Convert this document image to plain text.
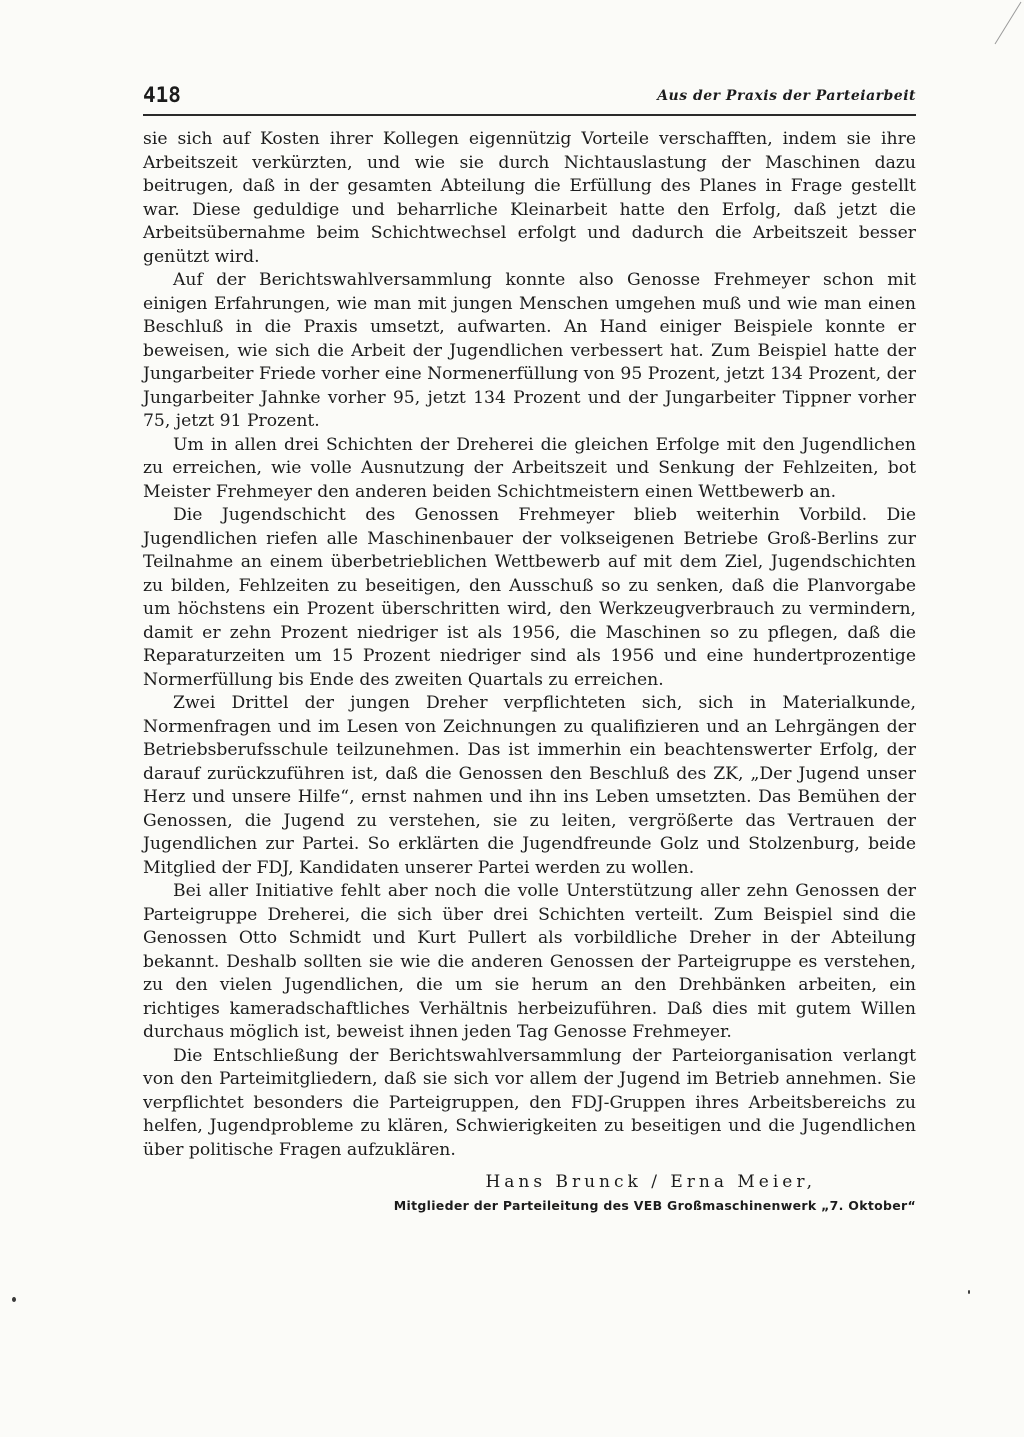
418	Aus der Praxis der Parteiarbeit

sie sich auf Kosten ihrer Kollegen eigennützig Vorteile verschafften, indem sie ihre Arbeitszeit verkürzten, und wie sie durch Nichtauslastung der Maschinen dazu beitrugen, daß in der gesamten Abteilung die Erfüllung des Planes in Frage gestellt war. Diese geduldige und beharrliche Kleinarbeit hatte den Erfolg, daß jetzt die Arbeitsübernahme beim Schichtwechsel erfolgt und dadurch die Arbeitszeit besser genützt wird.

Auf der Berichtswahlversammlung konnte also Genosse Frehmeyer schon mit einigen Erfahrungen, wie man mit jungen Menschen umgehen muß und wie man einen Beschluß in die Praxis umsetzt, aufwarten. An Hand einiger Beispiele konnte er beweisen, wie sich die Arbeit der Jugendlichen verbessert hat. Zum Beispiel hatte der Jungarbeiter Friede vorher eine Normenerfüllung von 95 Prozent, jetzt 134 Prozent, der Jungarbeiter Jahnke vorher 95, jetzt 134 Prozent und der Jungarbeiter Tippner vorher 75, jetzt 91 Prozent.

Um in allen drei Schichten der Dreherei die gleichen Erfolge mit den Jugendlichen zu erreichen, wie volle Ausnutzung der Arbeitszeit und Senkung der Fehlzeiten, bot Meister Frehmeyer den anderen beiden Schichtmeistern einen Wettbewerb an.

Die Jugendschicht des Genossen Frehmeyer blieb weiterhin Vorbild. Die Jugendlichen riefen alle Maschinenbauer der volkseigenen Betriebe Groß-Berlins zur Teilnahme an einem überbetrieblichen Wettbewerb auf mit dem Ziel, Jugendschichten zu bilden, Fehlzeiten zu beseitigen, den Ausschuß so zu senken, daß die Planvorgabe um höchstens ein Prozent überschritten wird, den Werkzeugverbrauch zu vermindern, damit er zehn Prozent niedriger ist als 1956, die Maschinen so zu pflegen, daß die Reparaturzeiten um 15 Prozent niedriger sind als 1956 und eine hundertprozentige Normerfüllung bis Ende des zweiten Quartals zu erreichen.

Zwei Drittel der jungen Dreher verpflichteten sich, sich in Materialkunde, Normenfragen und im Lesen von Zeichnungen zu qualifizieren und an Lehrgängen der Betriebsberufsschule teilzunehmen. Das ist immerhin ein beachtenswerter Erfolg, der darauf zurückzuführen ist, daß die Genossen den Beschluß des ZK, „Der Jugend unser Herz und unsere Hilfe“, ernst nahmen und ihn ins Leben umsetzten. Das Bemühen der Genossen, die Jugend zu verstehen, sie zu leiten, vergrößerte das Vertrauen der Jugendlichen zur Partei. So erklärten die Jugendfreunde Golz und Stolzenburg, beide Mitglied der FDJ, Kandidaten unserer Partei werden zu wollen.

Bei aller Initiative fehlt aber noch die volle Unterstützung aller zehn Genossen der Parteigruppe Dreherei, die sich über drei Schichten verteilt. Zum Beispiel sind die Genossen Otto Schmidt und Kurt Pullert als vorbildliche Dreher in der Abteilung bekannt. Deshalb sollten sie wie die anderen Genossen der Parteigruppe es verstehen, zu den vielen Jugendlichen, die um sie herum an den Drehbänken arbeiten, ein richtiges kameradschaftliches Verhältnis herbeizuführen. Daß dies mit gutem Willen durchaus möglich ist, beweist ihnen jeden Tag Genosse Frehmeyer.

Die Entschließung der Berichtswahlversammlung der Parteiorganisation verlangt von den Parteimitgliedern, daß sie sich vor allem der Jugend im Betrieb annehmen. Sie verpflichtet besonders die Parteigruppen, den FDJ-Gruppen ihres Arbeitsbereichs zu helfen, Jugendprobleme zu klären, Schwierigkeiten zu beseitigen und die Jugendlichen über politische Fragen aufzuklären.

Hans Brunck / Erna Meier,
Mitglieder der Parteileitung des VEB Großmaschinenwerk „7. Oktober“
